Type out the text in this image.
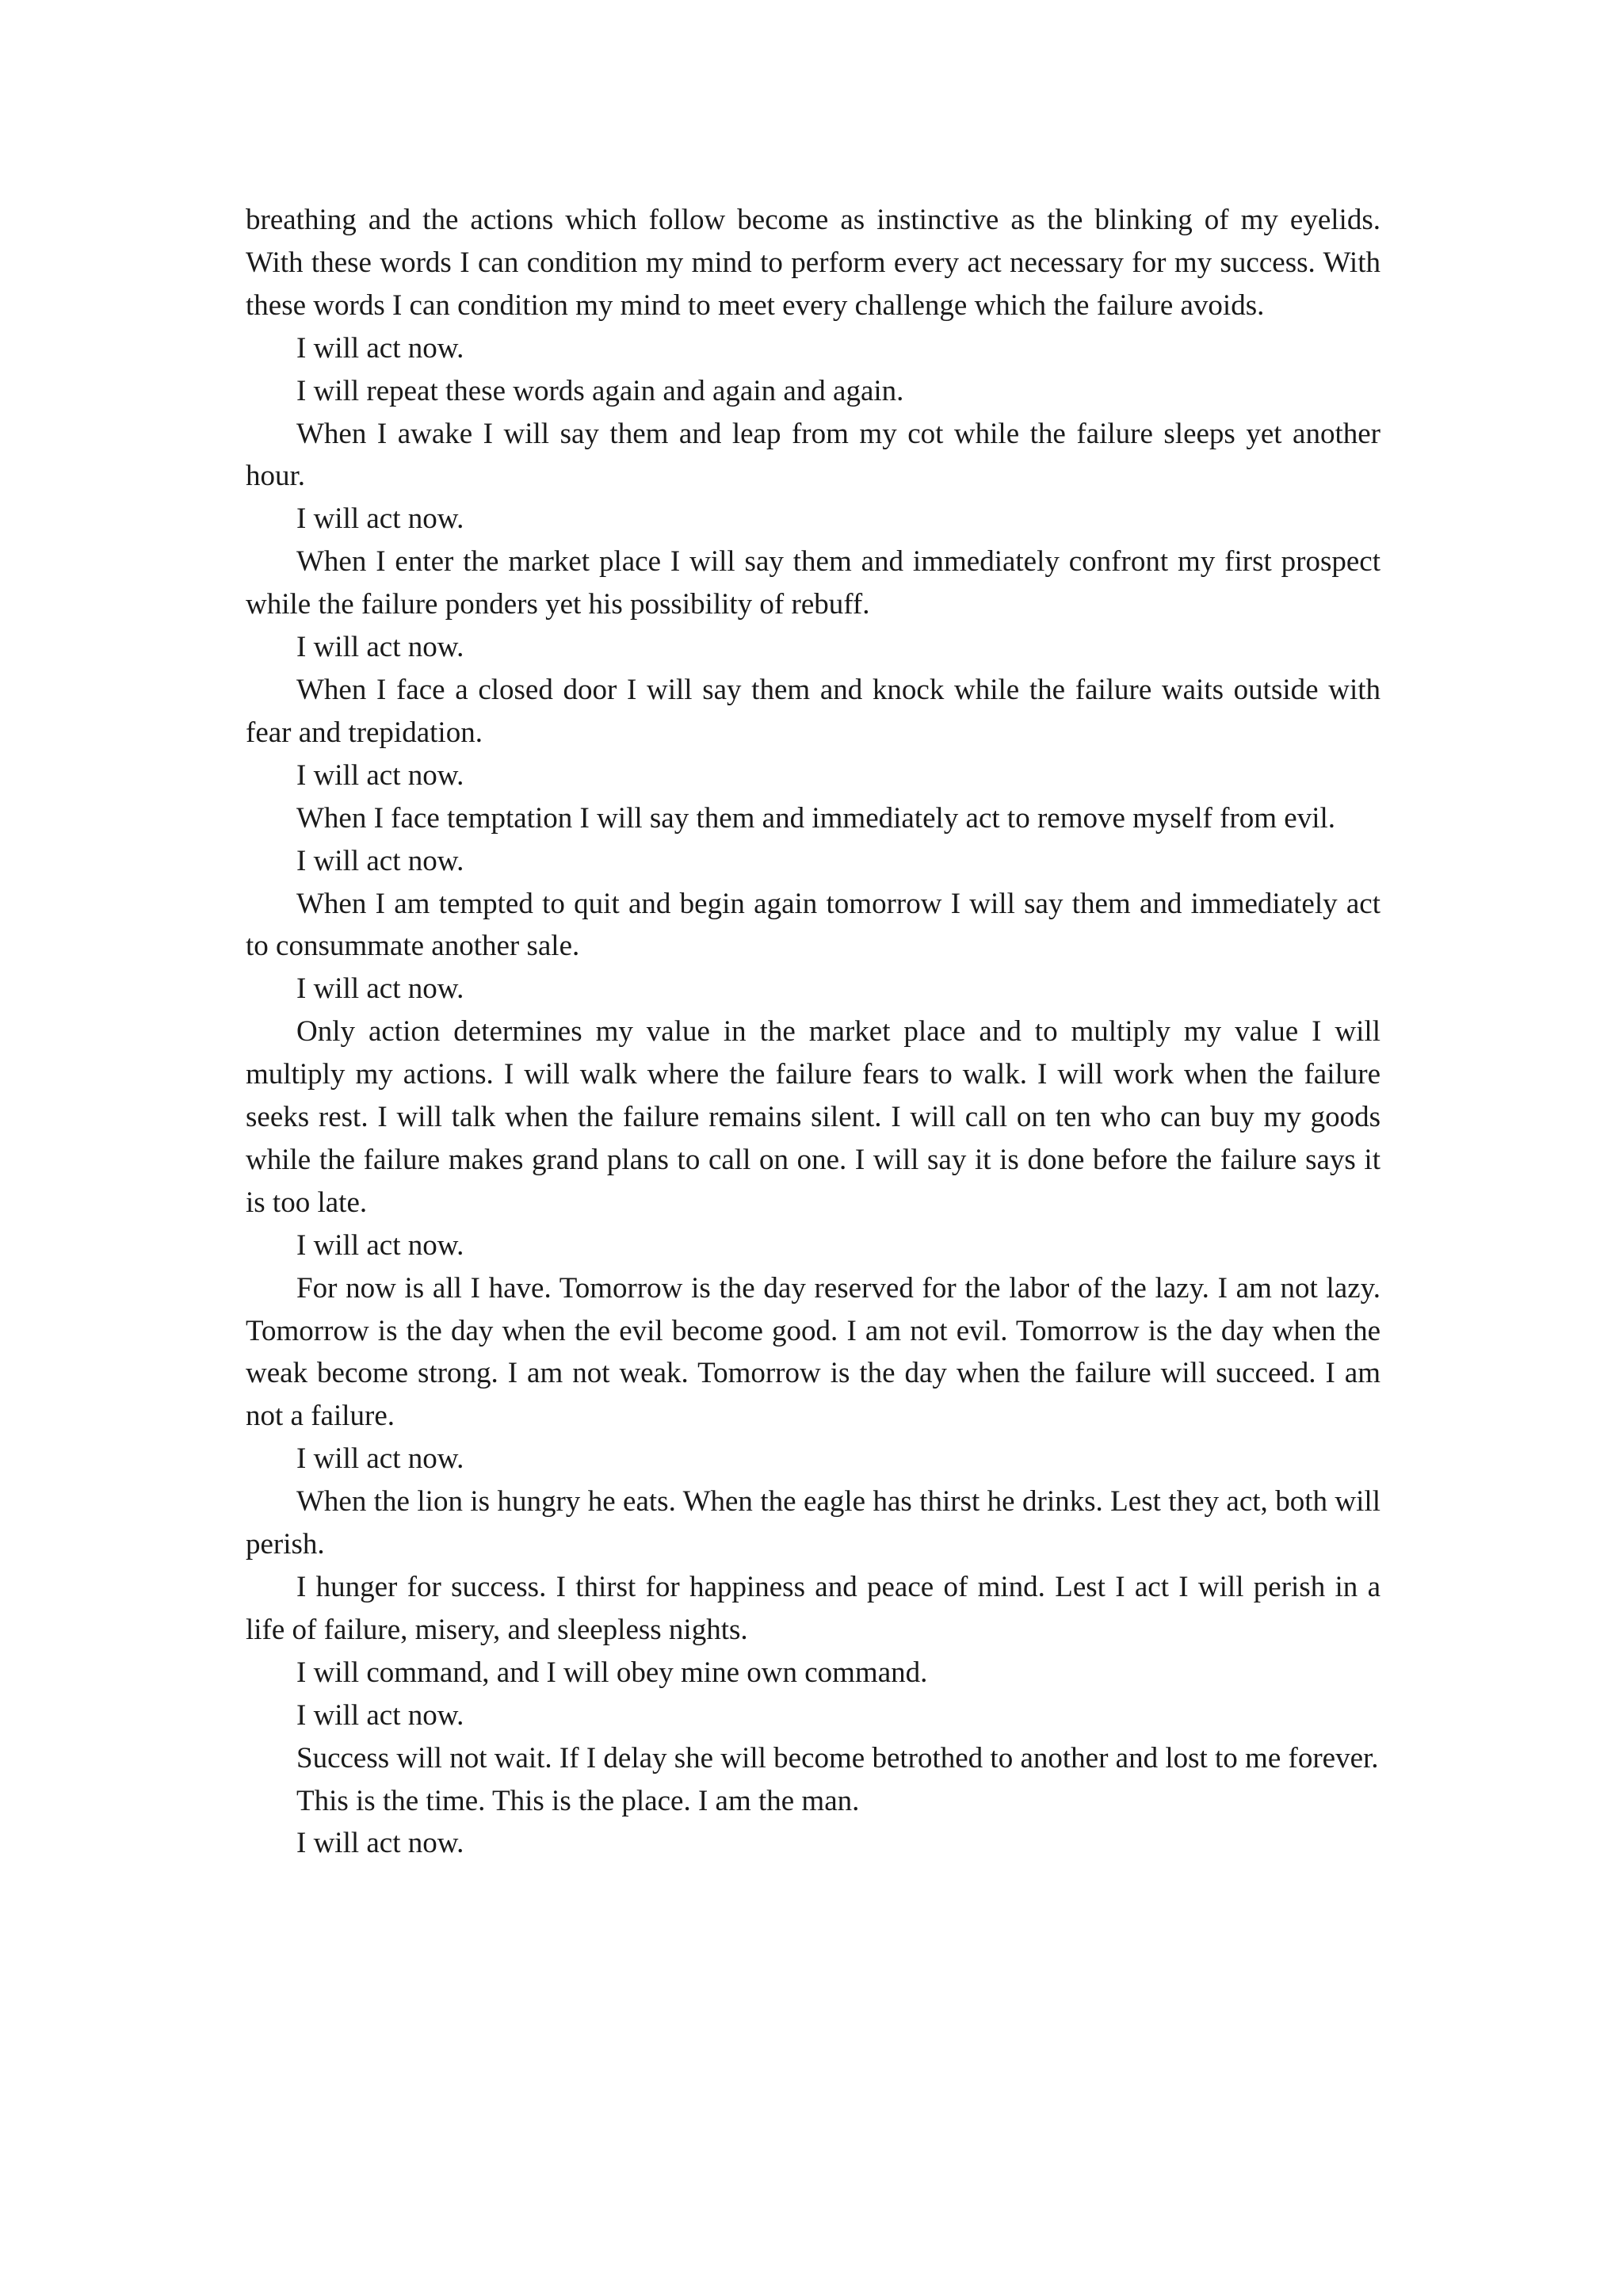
breathing and the actions which follow become as instinctive as the blinking of my eyelids. With these words I can condition my mind to perform every act necessary for my success. With these words I can condition my mind to meet every challenge which the failure avoids.

I will act now.

I will repeat these words again and again and again.

When I awake I will say them and leap from my cot while the failure sleeps yet another hour.

I will act now.

When I enter the market place I will say them and immediately confront my first prospect while the failure ponders yet his possibility of rebuff.

I will act now.

When I face a closed door I will say them and knock while the failure waits outside with fear and trepidation.

I will act now.

When I face temptation I will say them and immediately act to remove myself from evil.

I will act now.

When I am tempted to quit and begin again tomorrow I will say them and immediately act to consummate another sale.

I will act now.

Only action determines my value in the market place and to multiply my value I will multiply my actions. I will walk where the failure fears to walk. I will work when the failure seeks rest. I will talk when the failure remains silent. I will call on ten who can buy my goods while the failure makes grand plans to call on one. I will say it is done before the failure says it is too late.

I will act now.

For now is all I have. Tomorrow is the day reserved for the labor of the lazy. I am not lazy. Tomorrow is the day when the evil become good. I am not evil. Tomorrow is the day when the weak become strong. I am not weak. Tomorrow is the day when the failure will succeed. I am not a failure.

I will act now.

When the lion is hungry he eats. When the eagle has thirst he drinks. Lest they act, both will perish.

I hunger for success. I thirst for happiness and peace of mind. Lest I act I will perish in a life of failure, misery, and sleepless nights.

I will command, and I will obey mine own command.

I will act now.

Success will not wait. If I delay she will become betrothed to another and lost to me forever.

This is the time. This is the place. I am the man.

I will act now.
